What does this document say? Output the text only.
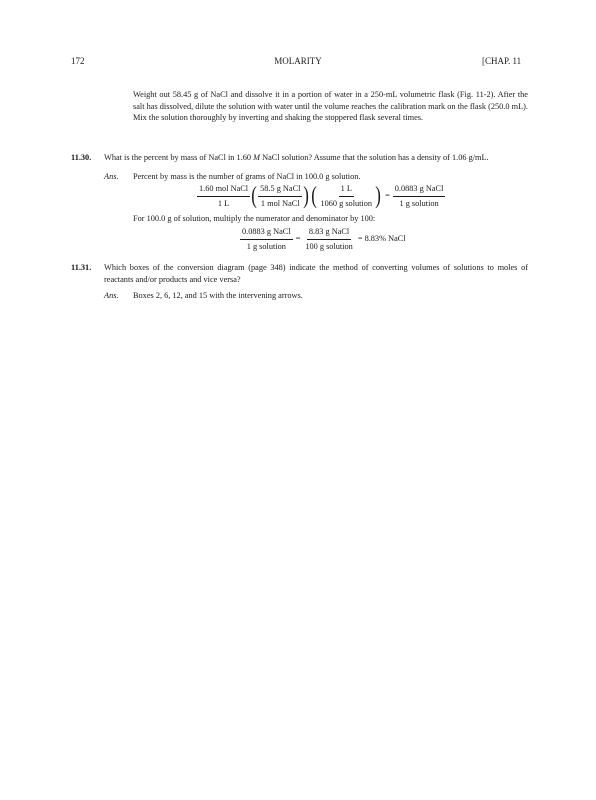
172	MOLARITY	[CHAP. 11
Weight out 58.45 g of NaCl and dissolve it in a portion of water in a 250-mL volumetric flask (Fig. 11-2). After the salt has dissolved, dilute the solution with water until the volume reaches the calibration mark on the flask (250.0 mL). Mix the solution thoroughly by inverting and shaking the stoppered flask several times.
11.30. What is the percent by mass of NaCl in 1.60 M NaCl solution? Assume that the solution has a density of 1.06 g/mL.
Ans. Percent by mass is the number of grams of NaCl in 100.0 g solution.
$\frac{\text{1.60 mol NaCl}}{1 L}$ ( $\frac{\text{58.5 g NaCl}}{\text{1 mol NaCl}}$ ) ( $\frac{1 L}{\text{1060 g solution}}$ ) = $\frac{\text{0.0883 g NaCl}}{\text{1 g solution}}$
For 100.0 g of solution, multiply the numerator and denominator by 100:
$\frac{\text{0.0883 g NaCl}}{\text{1 g solution}} = \frac{\text{8.83 g NaCl}}{\text{100 g solution}} = 8.83\%$ NaCl
11.31. Which boxes of the conversion diagram (page 348) indicate the method of converting volumes of solutions to moles of reactants and/or products and vice versa?
Ans. Boxes 2, 6, 12, and 15 with the intervening arrows.
